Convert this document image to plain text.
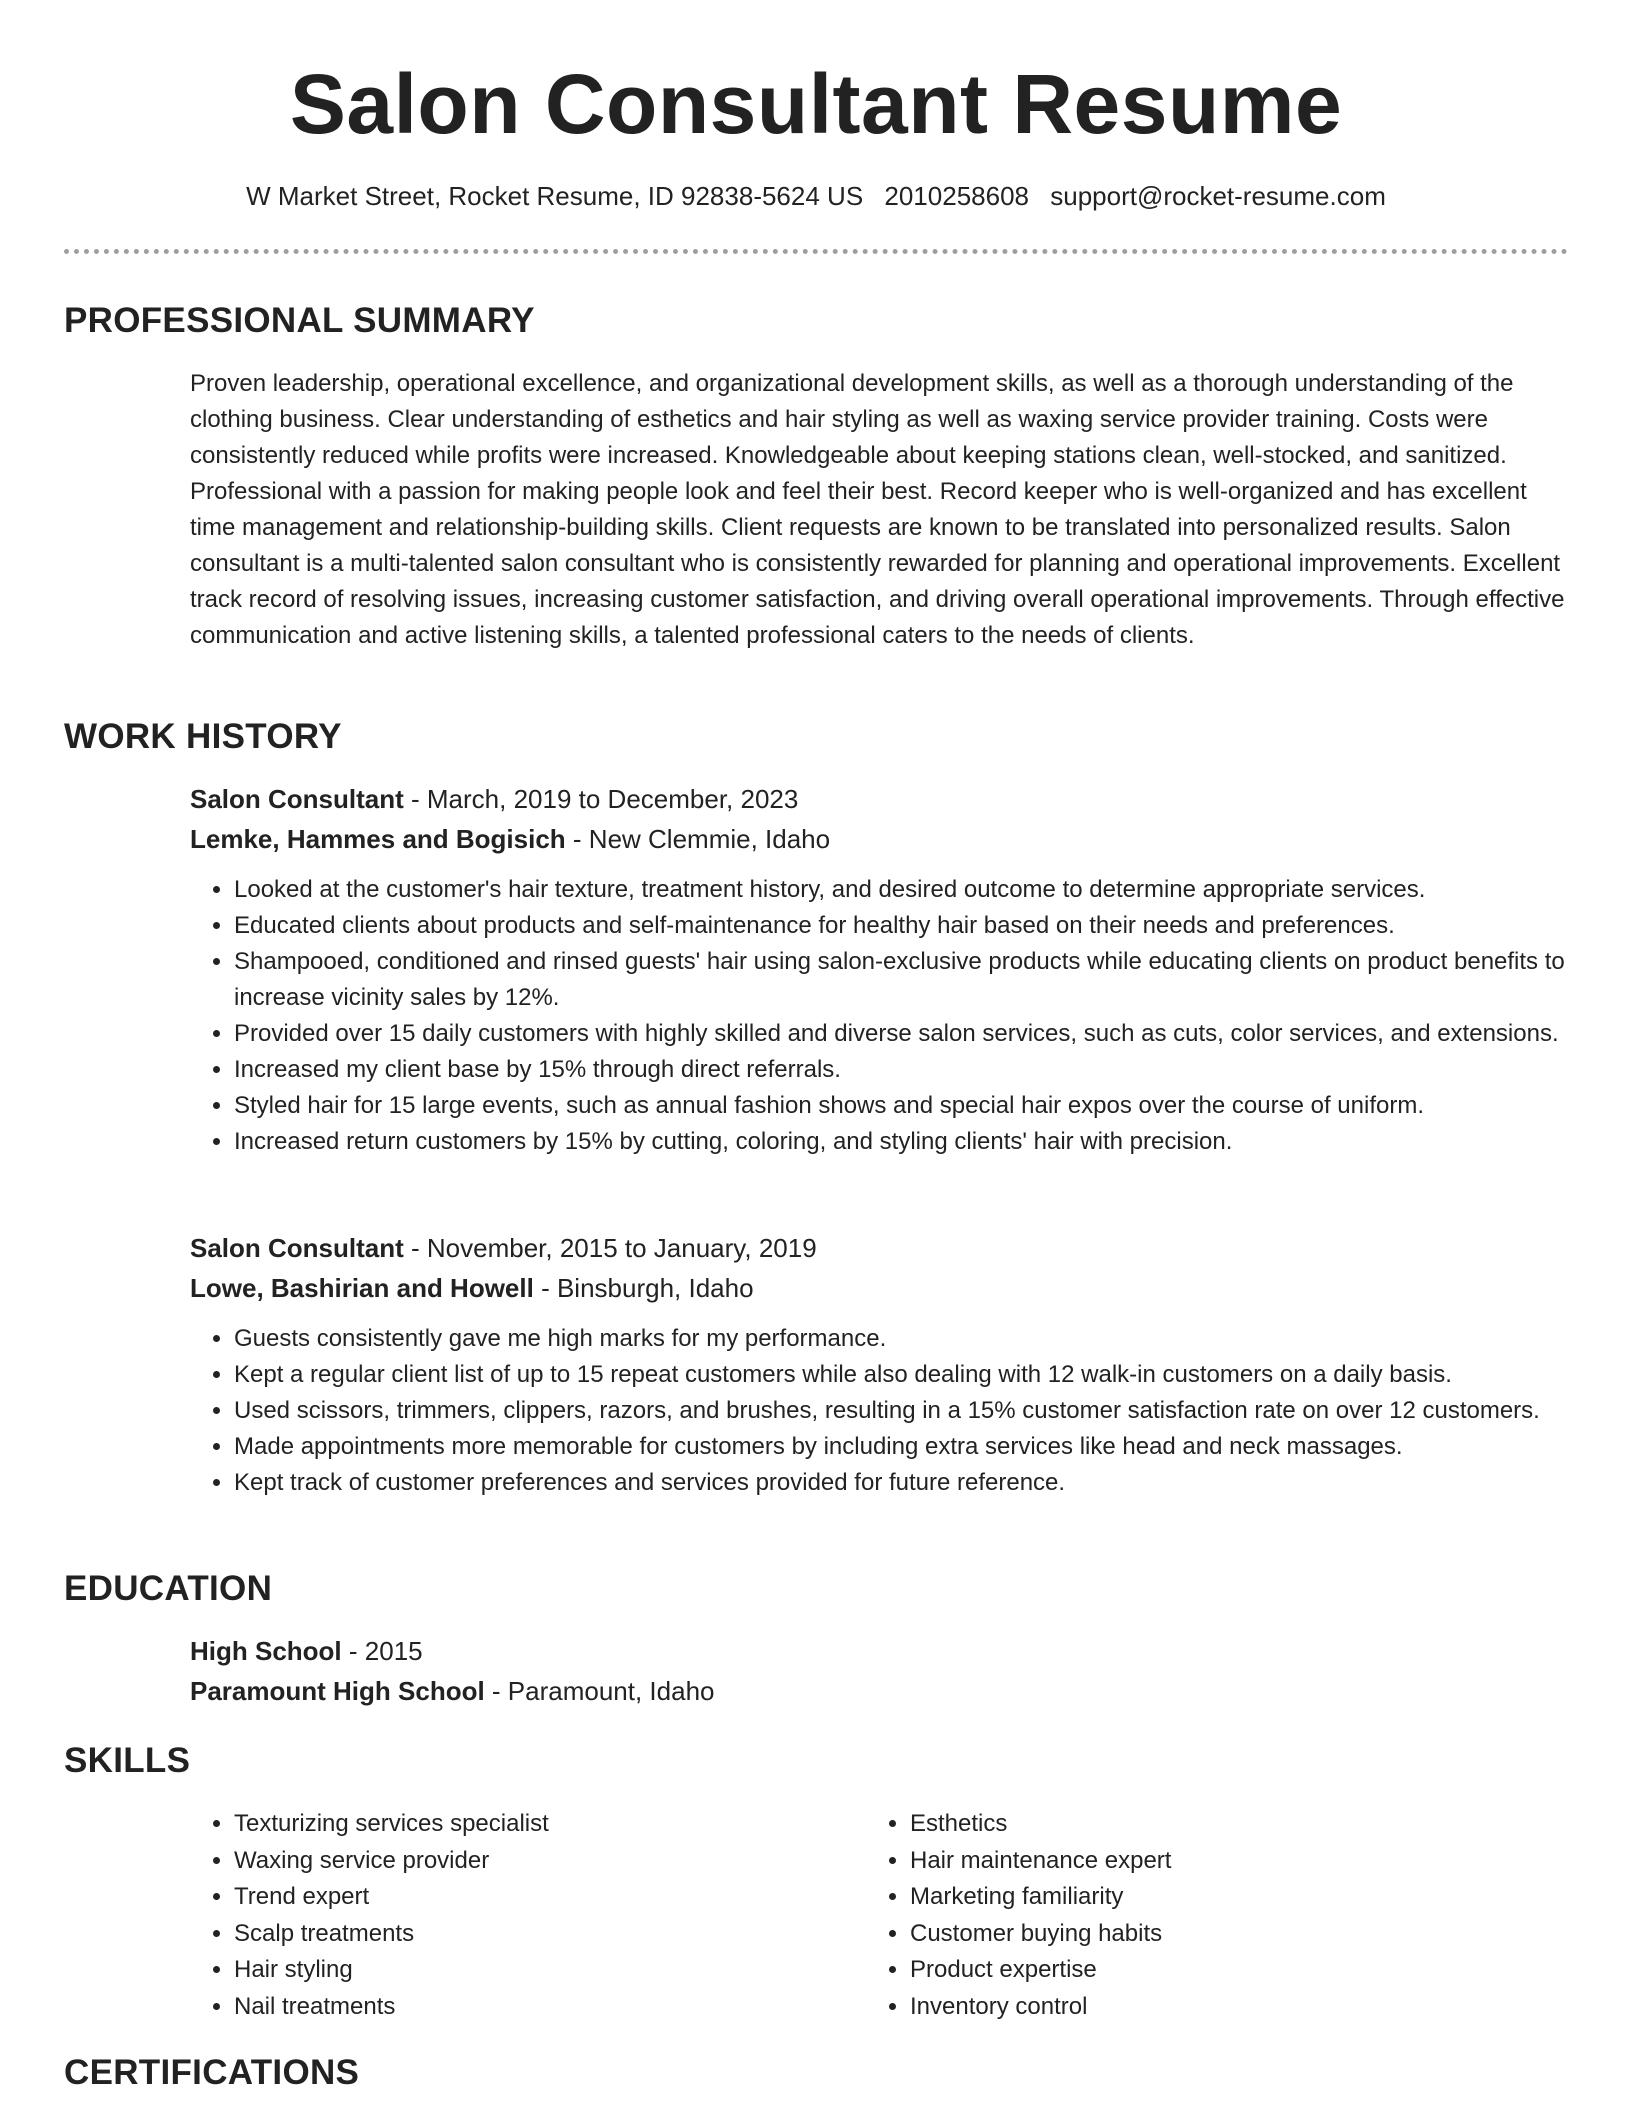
Salon Consultant Resume
W Market Street, Rocket Resume, ID 92838-5624 US 2010258608 support@rocket-resume.com
PROFESSIONAL SUMMARY

Proven leadership, operational excellence, and organizational development skills, as well as a thorough understanding of the clothing business. Clear understanding of esthetics and hair styling as well as waxing service provider training. Costs were consistently reduced while profits were increased. Knowledgeable about keeping stations clean, well-stocked, and sanitized. Professional with a passion for making people look and feel their best. Record keeper who is well-organized and has excellent time management and relationship-building skills. Client requests are known to be translated into personalized results. Salon consultant is a multi-talented salon consultant who is consistently rewarded for planning and operational improvements. Excellent track record of resolving issues, increasing customer satisfaction, and driving overall operational improvements. Through effective communication and active listening skills, a talented professional caters to the needs of clients.

WORK HISTORY

Salon Consultant - March, 2019 to December, 2023

Lemke, Hammes and Bogisich - New Clemmie, Idaho

• Looked at the customer's hair texture, treatment history, and desired outcome to determine appropriate services.
• Educated clients about products and self-maintenance for healthy hair based on their needs and preferences.
• Shampooed, conditioned and rinsed guests' hair using salon-exclusive products while educating clients on product benefits to increase vicinity sales by 12%.
• Provided over 15 daily customers with highly skilled and diverse salon services, such as cuts, color services, and extensions.
• Increased my client base by 15% through direct referrals.
• Styled hair for 15 large events, such as annual fashion shows and special hair expos over the course of uniform.
• Increased return customers by 15% by cutting, coloring, and styling clients' hair with precision.

Salon Consultant - November, 2015 to January, 2019

Lowe, Bashirian and Howell - Binsburgh, Idaho

• Guests consistently gave me high marks for my performance.
• Kept a regular client list of up to 15 repeat customers while also dealing with 12 walk-in customers on a daily basis.
• Used scissors, trimmers, clippers, razors, and brushes, resulting in a 15% customer satisfaction rate on over 12 customers.
• Made appointments more memorable for customers by including extra services like head and neck massages.
• Kept track of customer preferences and services provided for future reference.
EDUCATION

High School - 2015

Paramount High School - Paramount, Idaho

SKILLS
• Texturizing services specialist
• Waxing service provider
• Trend expert
• Scalp treatments
• Hair styling
• Nail treatments
• Esthetics
• Hair maintenance expert
• Marketing familiarity
• Customer buying habits
• Product expertise
• Inventory control
CERTIFICATIONS
